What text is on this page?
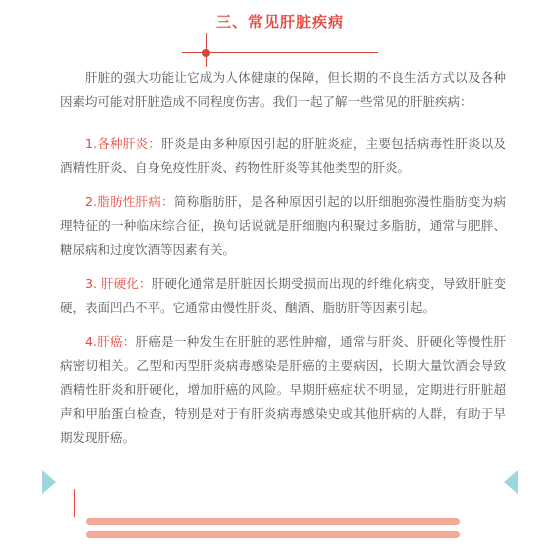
三、常见肝脏疾病

肝脏的强大功能让它成为人体健康的保障，但长期的不良生活方式以及各种因素均可能对肝脏造成不同程度伤害。我们一起了解一些常见的肝脏疾病：

1.各种肝炎：肝炎是由多种原因引起的肝脏炎症，主要包括病毒性肝炎以及酒精性肝炎、自身免疫性肝炎、药物性肝炎等其他类型的肝炎。

2.脂肪性肝病：简称脂肪肝，是各种原因引起的以肝细胞弥漫性脂肪变为病理特征的一种临床综合征，换句话说就是肝细胞内积聚过多脂肪，通常与肥胖、糖尿病和过度饮酒等因素有关。

3. 肝硬化：肝硬化通常是肝脏因长期受损而出现的纤维化病变，导致肝脏变硬，表面凹凸不平。它通常由慢性肝炎、酗酒、脂肪肝等因素引起。

4.肝癌：肝癌是一种发生在肝脏的恶性肿瘤，通常与肝炎、肝硬化等慢性肝病密切相关。乙型和丙型肝炎病毒感染是肝癌的主要病因，长期大量饮酒会导致酒精性肝炎和肝硬化，增加肝癌的风险。早期肝癌症状不明显，定期进行肝脏超声和甲胎蛋白检查，特别是对于有肝炎病毒感染史或其他肝病的人群，有助于早期发现肝癌。
